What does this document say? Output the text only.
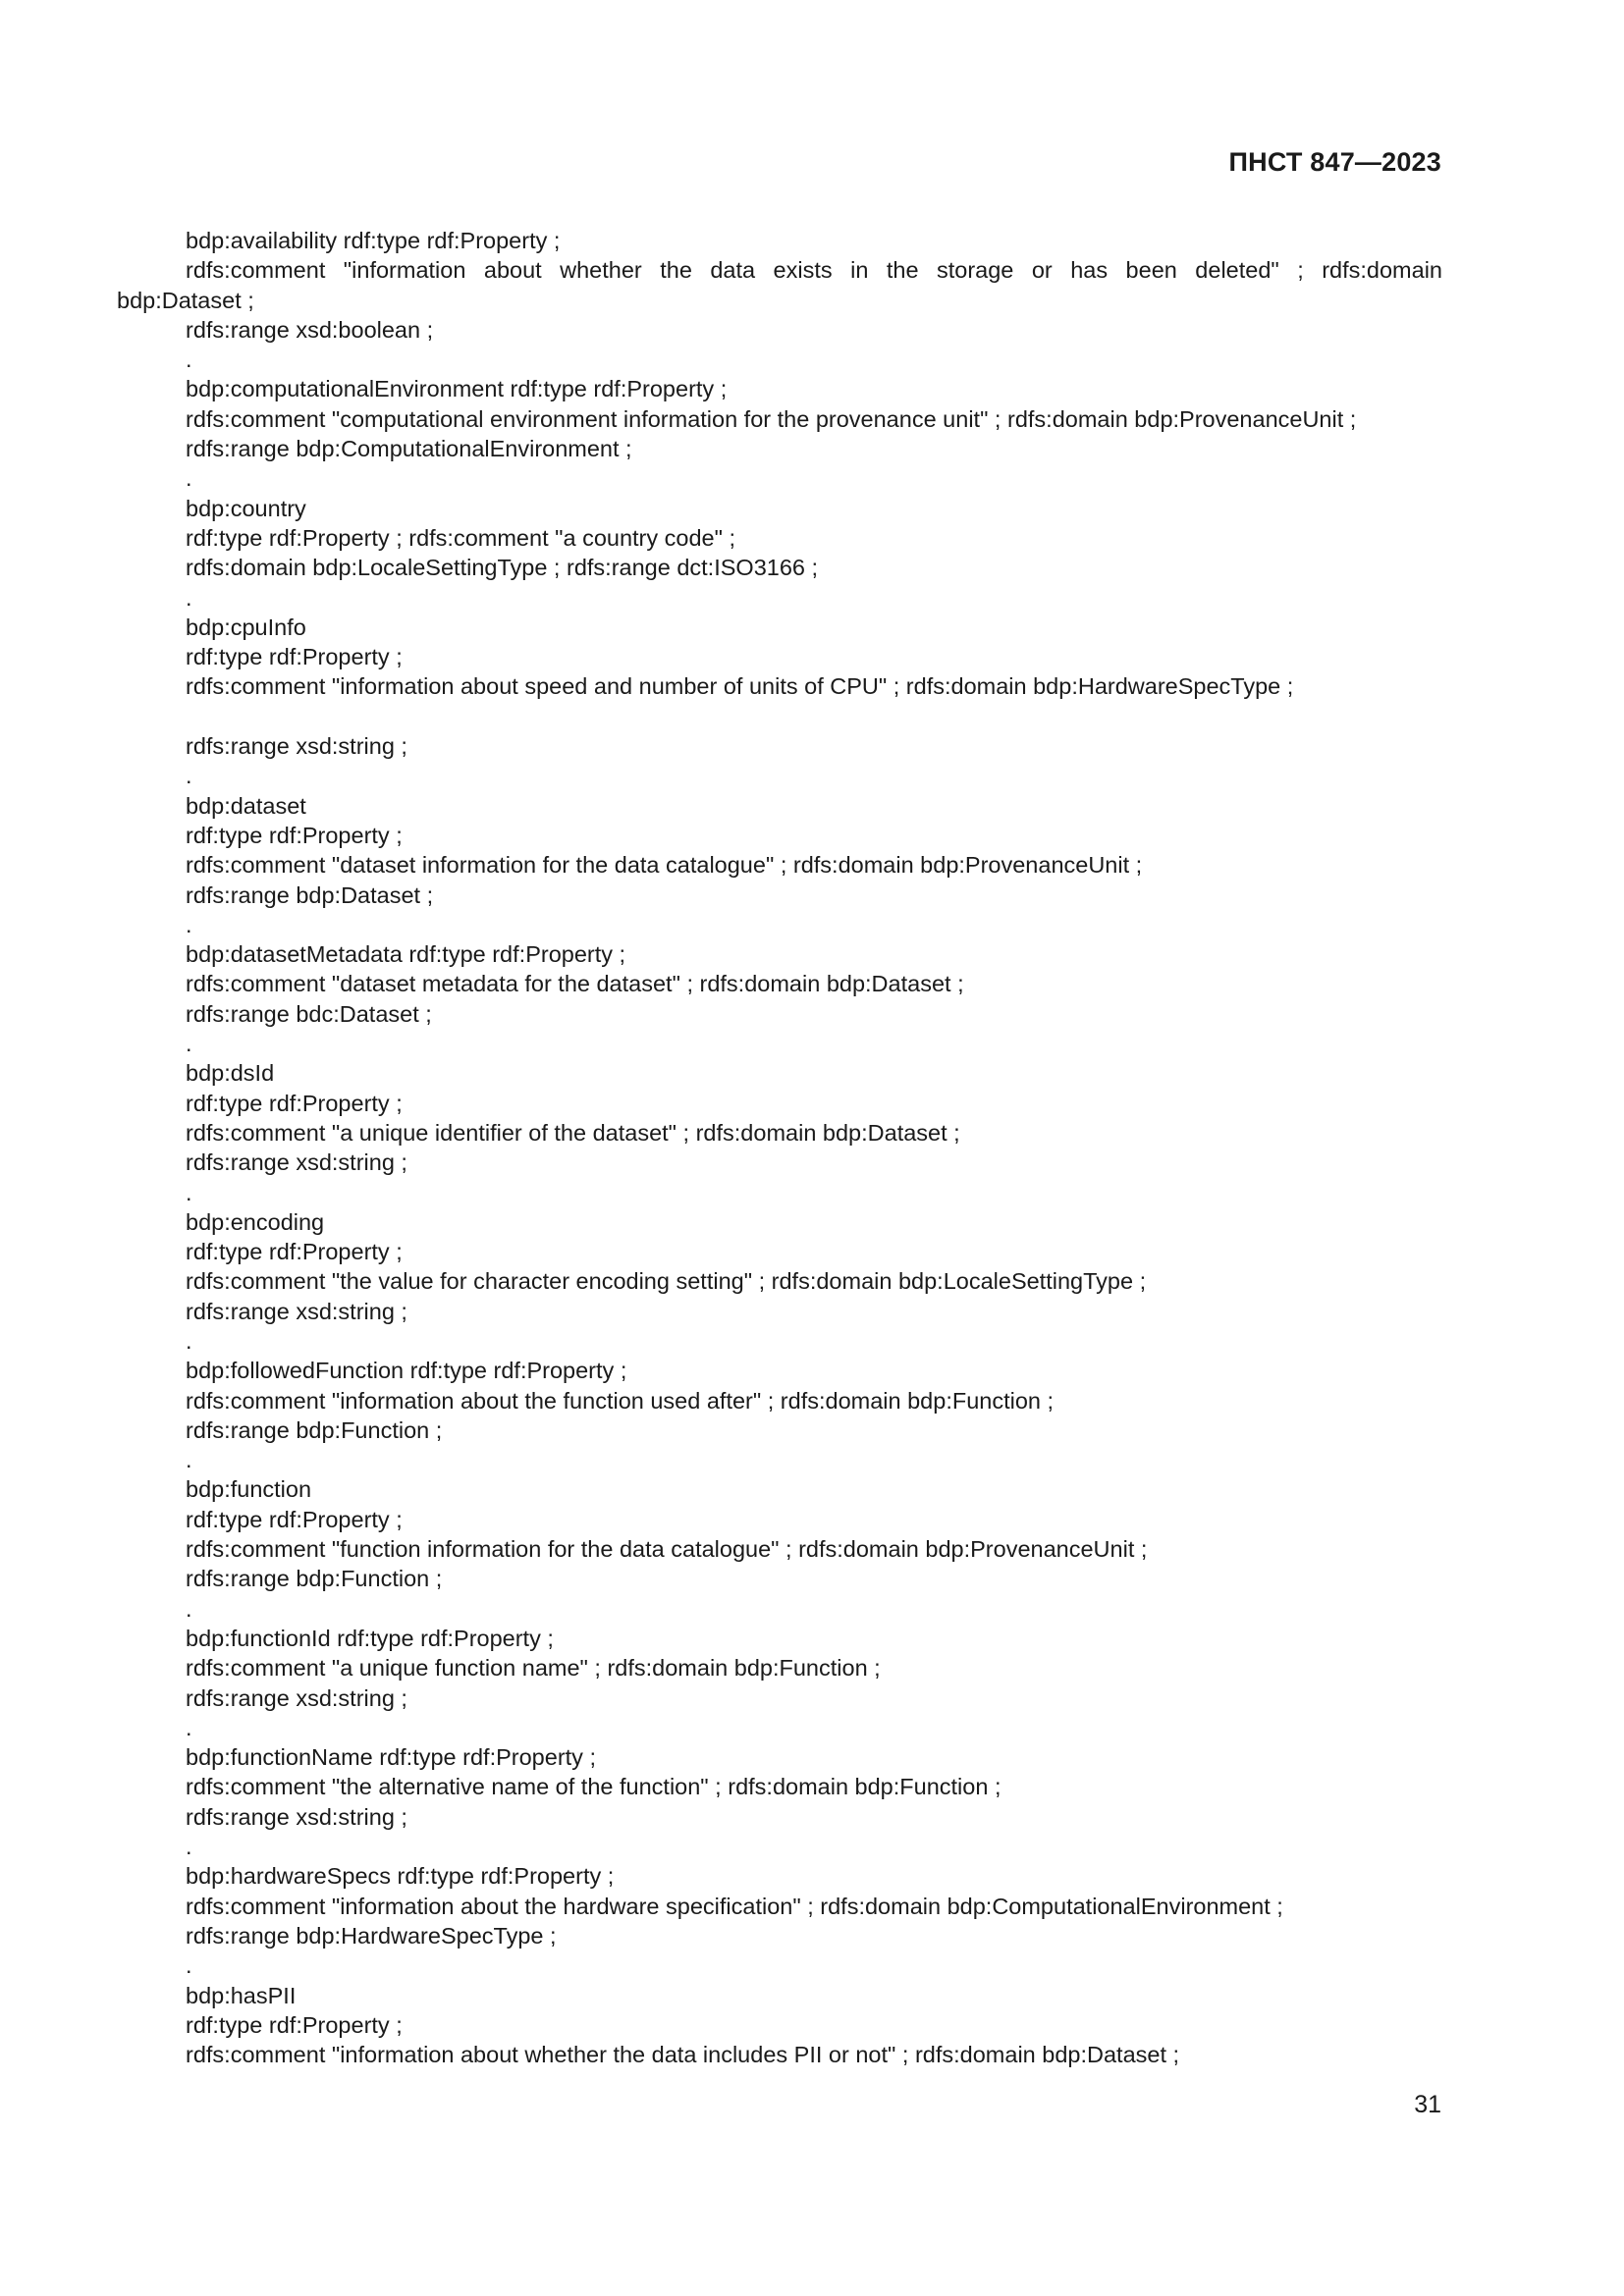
ПНСТ 847—2023
bdp:availability rdf:type rdf:Property ;
rdfs:comment "information about whether the data exists in the storage or has been deleted" ; rdfs:domain
bdp:Dataset ;
rdfs:range xsd:boolean ;
.
bdp:computationalEnvironment rdf:type rdf:Property ;
rdfs:comment "computational environment information for the provenance unit" ; rdfs:domain bdp:ProvenanceUnit ;
rdfs:range bdp:ComputationalEnvironment ;
.
bdp:country
rdf:type rdf:Property ; rdfs:comment "a country code" ;
rdfs:domain bdp:LocaleSettingType ; rdfs:range dct:ISO3166 ;
.
bdp:cpuInfo
rdf:type rdf:Property ;
rdfs:comment "information about speed and number of units of CPU" ; rdfs:domain bdp:HardwareSpecType ;
rdfs:range xsd:string ;
.
bdp:dataset
rdf:type rdf:Property ;
rdfs:comment "dataset information for the data catalogue" ; rdfs:domain bdp:ProvenanceUnit ;
rdfs:range bdp:Dataset ;
.
bdp:datasetMetadata rdf:type rdf:Property ;
rdfs:comment "dataset metadata for the dataset" ; rdfs:domain bdp:Dataset ;
rdfs:range bdc:Dataset ;
.
bdp:dsId
rdf:type rdf:Property ;
rdfs:comment "a unique identifier of the dataset" ; rdfs:domain bdp:Dataset ;
rdfs:range xsd:string ;
.
bdp:encoding
rdf:type rdf:Property ;
rdfs:comment "the value for character encoding setting" ; rdfs:domain bdp:LocaleSettingType ;
rdfs:range xsd:string ;
.
bdp:followedFunction rdf:type rdf:Property ;
rdfs:comment "information about the function used after" ; rdfs:domain bdp:Function ;
rdfs:range bdp:Function ;
.
bdp:function
rdf:type rdf:Property ;
rdfs:comment "function information for the data catalogue" ; rdfs:domain bdp:ProvenanceUnit ;
rdfs:range bdp:Function ;
.
bdp:functionId rdf:type rdf:Property ;
rdfs:comment "a unique function name" ; rdfs:domain bdp:Function ;
rdfs:range xsd:string ;
.
bdp:functionName rdf:type rdf:Property ;
rdfs:comment "the alternative name of the function" ; rdfs:domain bdp:Function ;
rdfs:range xsd:string ;
.
bdp:hardwareSpecs rdf:type rdf:Property ;
rdfs:comment "information about the hardware specification" ; rdfs:domain bdp:ComputationalEnvironment ;
rdfs:range bdp:HardwareSpecType ;
.
bdp:hasPII
rdf:type rdf:Property ;
rdfs:comment "information about whether the data includes PII or not" ; rdfs:domain bdp:Dataset ;
31
